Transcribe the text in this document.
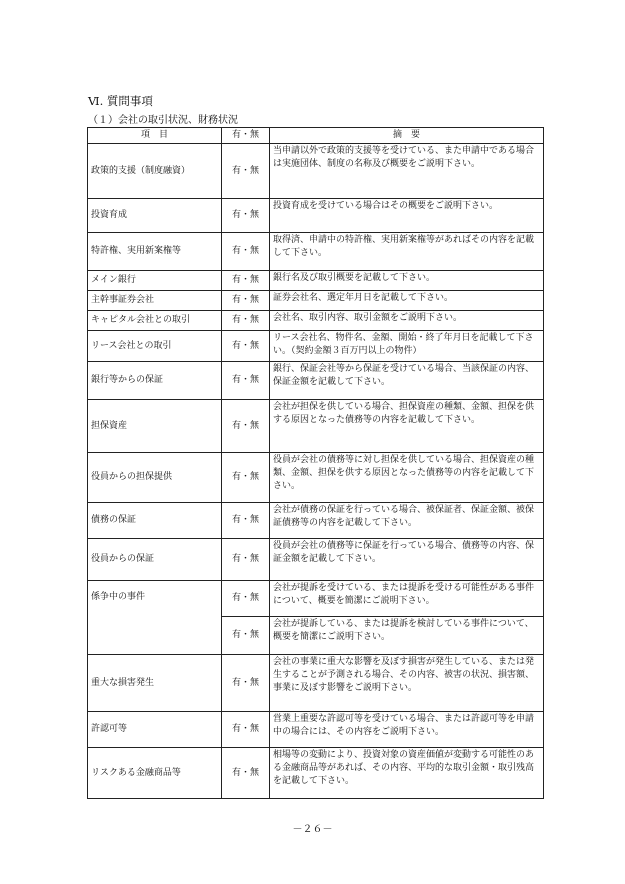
Ⅵ. 質問事項
（１）会社の取引状況、財務状況
項　目	有・無	摘　要
政策的支援（制度融資）	有・無	当申請以外で政策的支援等を受けている、また申請中である場合は実施団体、制度の名称及び概要をご説明下さい。
投資育成	有・無	投資育成を受けている場合はその概要をご説明下さい。
特許権、実用新案権等	有・無	取得済、申請中の特許権、実用新案権等があればその内容を記載して下さい。
メイン銀行	有・無	銀行名及び取引概要を記載して下さい。
主幹事証券会社	有・無	証券会社名、選定年月日を記載して下さい。
キャピタル会社との取引	有・無	会社名、取引内容、取引金額をご説明下さい。
リース会社との取引	有・無	リース会社名、物件名、金額、開始・終了年月日を記載して下さい。（契約金額３百万円以上の物件）
銀行等からの保証	有・無	銀行、保証会社等から保証を受けている場合、当該保証の内容、保証金額を記載して下さい。
担保資産	有・無	会社が担保を供している場合、担保資産の種類、金額、担保を供する原因となった債務等の内容を記載して下さい。
役員からの担保提供	有・無	役員が会社の債務等に対し担保を供している場合、担保資産の種類、金額、担保を供する原因となった債務等の内容を記載して下さい。
債務の保証	有・無	会社が債務の保証を行っている場合、被保証者、保証金額、被保証債務等の内容を記載して下さい。
役員からの保証	有・無	役員が会社の債務等に保証を行っている場合、債務等の内容、保証金額を記載して下さい。
係争中の事件	有・無	会社が提訴を受けている、または提訴を受ける可能性がある事件について、概要を簡潔にご説明下さい。
	有・無	会社が提訴している、または提訴を検討している事件について、概要を簡潔にご説明下さい。
重大な損害発生	有・無	会社の事業に重大な影響を及ぼす損害が発生している、または発生することが予測される場合、その内容、被害の状況、損害額、事業に及ぼす影響をご説明下さい。
許認可等	有・無	営業上重要な許認可等を受けている場合、または許認可等を申請中の場合には、その内容をご説明下さい。
リスクある金融商品等	有・無	相場等の変動により、投資対象の資産価値が変動する可能性のある金融商品等があれば、その内容、平均的な取引金額・取引残高を記載して下さい。
－２６－
